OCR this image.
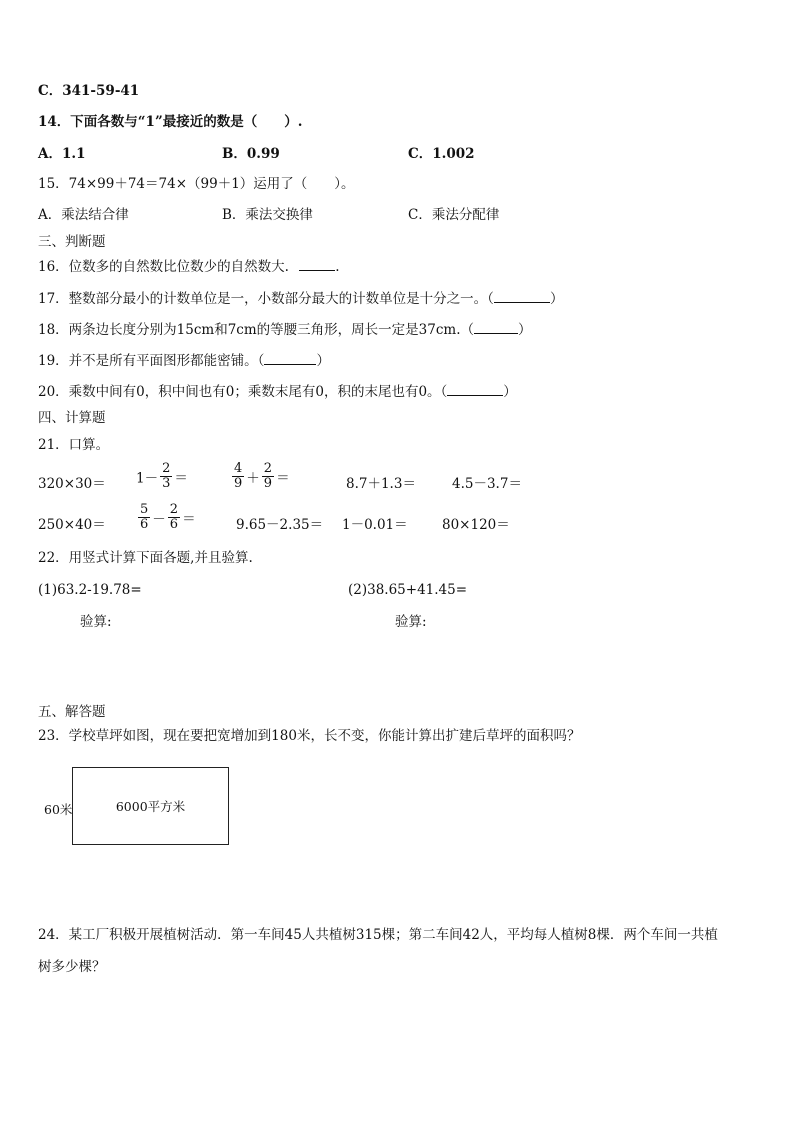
C．341-59-41
14．下面各数与“1”最接近的数是（　　）.
A．1.1	B．0.99	C．1.002
15．74×99＋74＝74×（99＋1）运用了（　　）。
A．乘法结合律	B．乘法交换律	C．乘法分配律
三、判断题
16．位数多的自然数比位数少的自然数大.	.
17．整数部分最小的计数单位是一，小数部分最大的计数单位是十分之一。（	）
18．两条边长度分别为15cm和7cm的等腰三角形，周长一定是37cm.（	）
19．并不是所有平面图形都能密铺。（	）
20．乘数中间有0，积中间也有0；乘数末尾有0，积的末尾也有0。（	）
四、计算题
21．口算。
$320\times 30= 1- \frac{2}{3}$ ＝	$\frac{4}{9} + \frac{2}{9}$ ＝	8.7＋1.3＝	4.5－3.7＝
$250\times 40= \frac{5}{6} - \frac{2}{6}$ ＝	9.65－2.35＝ 1－0.01＝	80×120＝
22．用竖式计算下面各题,并且验算.
(1)63.2-19.78=	(2)38.65+41.45=
验算:	验算:
五、解答题
23．学校草坪如图，现在要把宽增加到180米，长不变，你能计算出扩建后草坪的面积吗？
60米	6000平方米
24．某工厂积极开展植树活动．第一车间45人共植树315棵；第二车间42人，平均每人植树8棵．两个车间一共植
树多少棵？
